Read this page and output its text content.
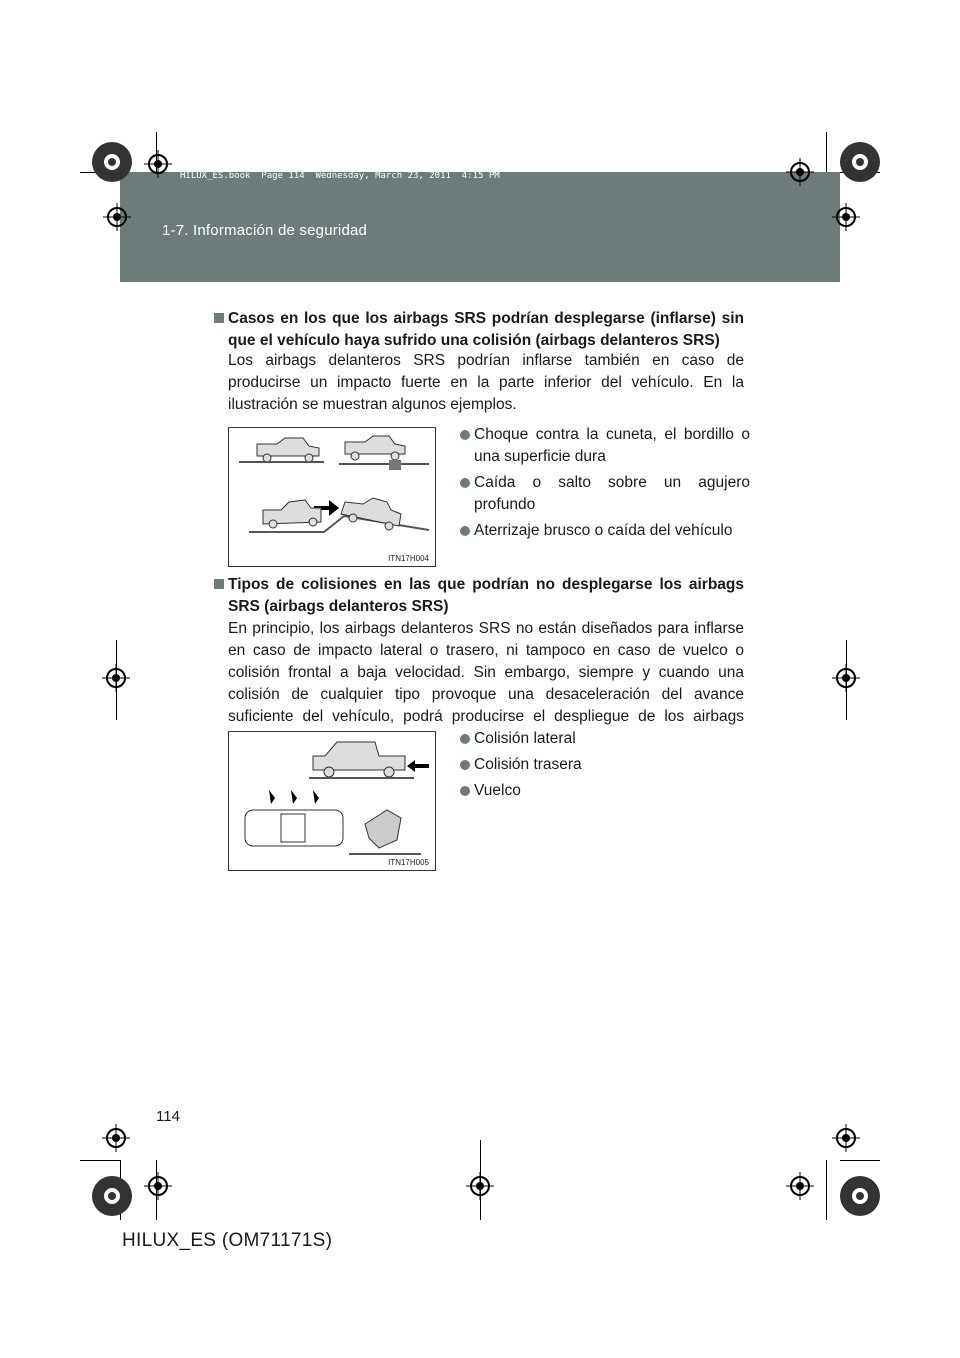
HILUX_ES.book  Page 114  Wednesday, March 23, 2011  4:15 PM
1-7. Información de seguridad
Casos en los que los airbags SRS podrían desplegarse (inflarse) sin que el vehículo haya sufrido una colisión (airbags delanteros SRS)
Los airbags delanteros SRS podrían inflarse también en caso de producirse un impacto fuerte en la parte inferior del vehículo. En la ilustración se muestran algunos ejemplos.
ITN17H004
Choque contra la cuneta, el bordillo o una superficie dura
Caída o salto sobre un agujero profundo
Aterrizaje brusco o caída del vehículo
Tipos de colisiones en las que podrían no desplegarse los airbags SRS (airbags delanteros SRS)
En principio, los airbags delanteros SRS no están diseñados para inflarse en caso de impacto lateral o trasero, ni tampoco en caso de vuelco o colisión frontal a baja velocidad. Sin embargo, siempre y cuando una colisión de cualquier tipo provoque una desaceleración del avance suficiente del vehículo, podrá producirse el despliegue de los airbags
ITN17H005
Colisión lateral
Colisión trasera
Vuelco
114
HILUX_ES (OM71171S)
